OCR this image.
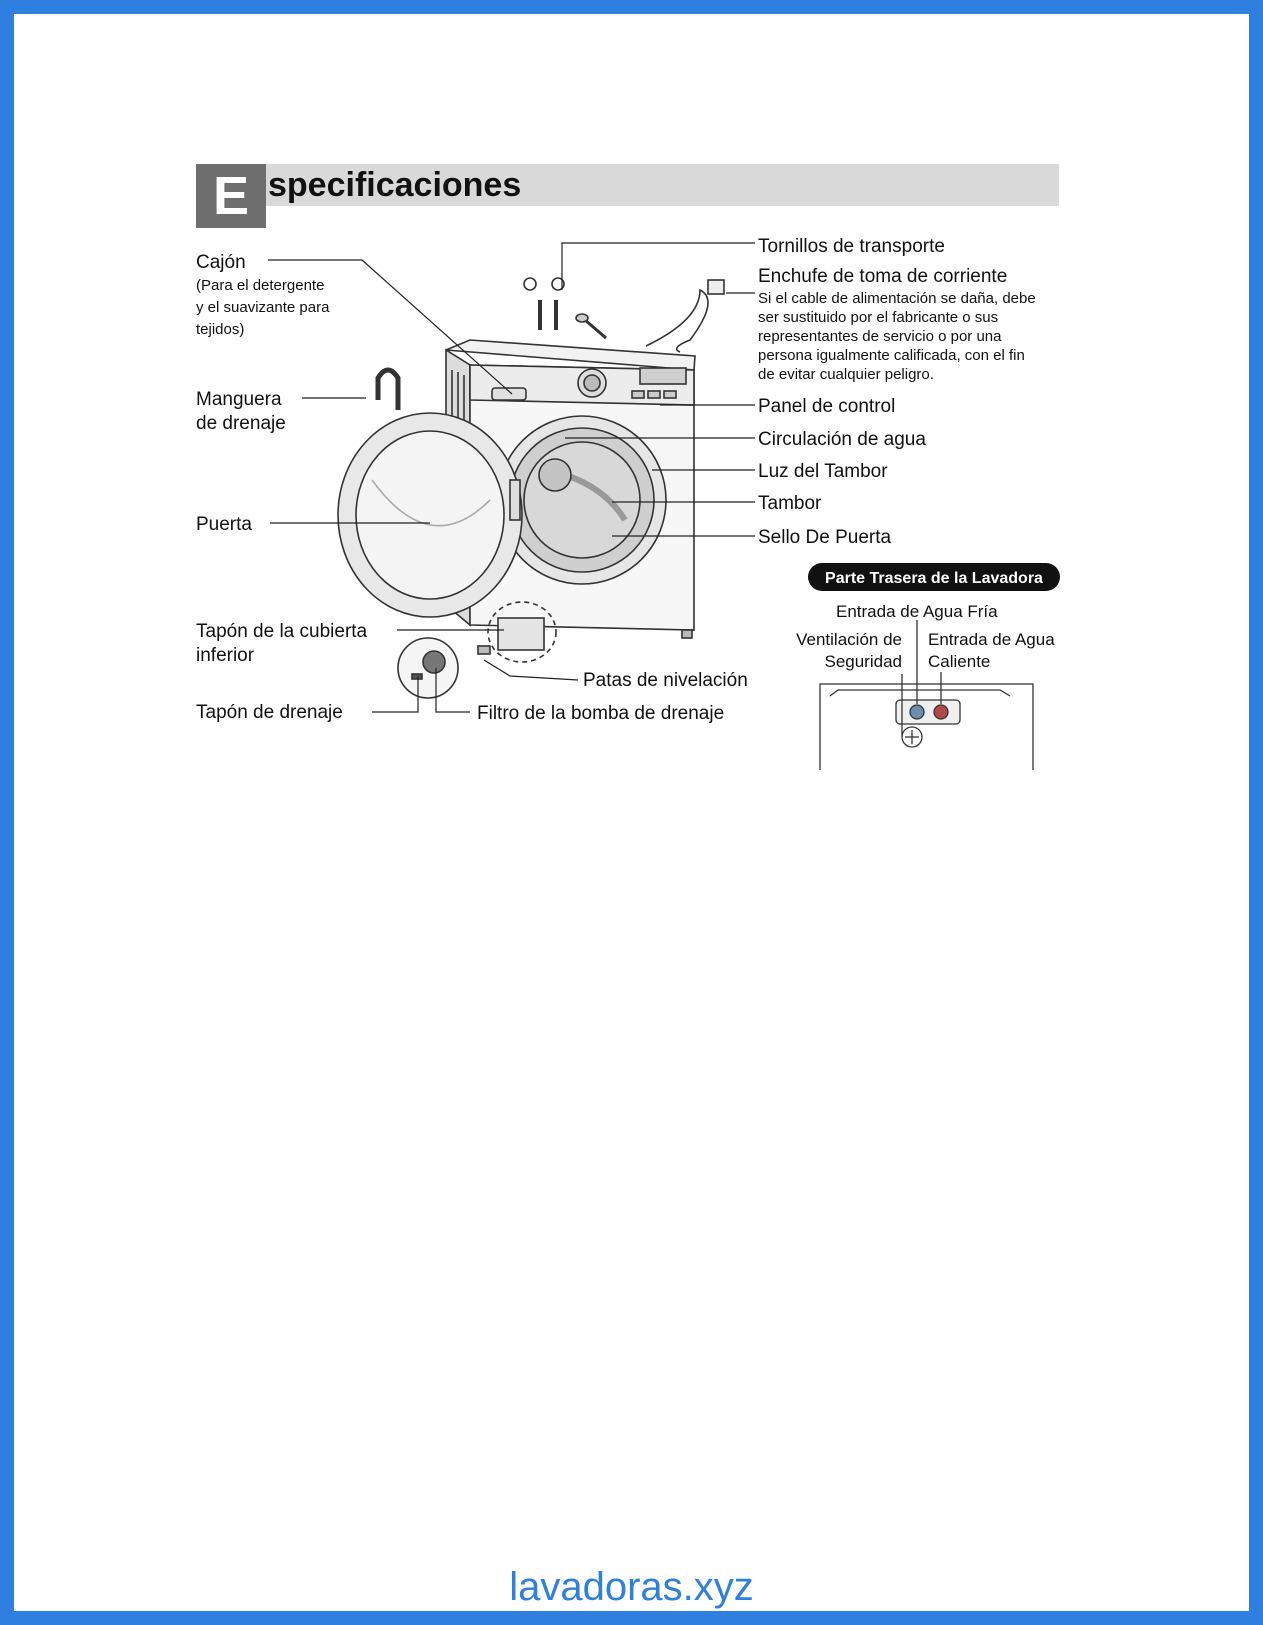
E specificaciones
Cajón
(Para el detergente
y el suavizante para
tejidos)
Manguera
de drenaje
Puerta
Tapón de la cubierta
inferior
Tapón de drenaje	Filtro de la bomba de drenaje
Patas de nivelación
Tornillos de transporte
Enchufe de toma de corriente
Si el cable de alimentación se daña, debe
ser sustituido por el fabricante o sus
representantes de servicio o por una
persona igualmente calificada, con el fin
de evitar cualquier peligro.
Panel de control
Circulación de agua
Luz del Tambor
Tambor
Sello De Puerta
Parte Trasera de la Lavadora
Entrada de Agua Fría
Ventilación de
Seguridad
Entrada de Agua
Caliente
lavadoras.xyz
